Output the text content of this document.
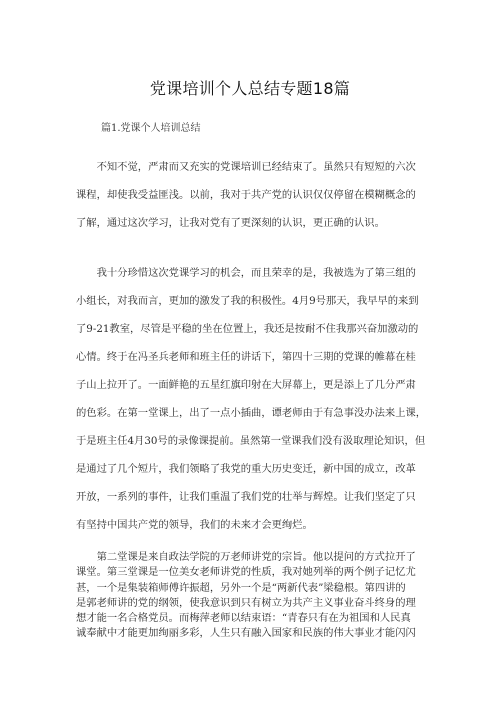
党课培训个人总结专题18篇
篇1.党课个人培训总结
　　不知不觉，严肃而又充实的党课培训已经结束了。虽然只有短短的六次
课程，却使我受益匪浅。以前，我对于共产党的认识仅仅停留在模糊概念的
了解，通过这次学习，让我对党有了更深刻的认识，更正确的认识。
　　我十分珍惜这次党课学习的机会，而且荣幸的是，我被选为了第三组的
小组长，对我而言，更加的激发了我的积极性。4月9号那天，我早早的来到
了9-21教室，尽管是平稳的坐在位置上，我还是按耐不住我那兴奋加激动的
心情。终于在冯圣兵老师和班主任的讲话下，第四十三期的党课的帷幕在桂
子山上拉开了。一面鲜艳的五星红旗印射在大屏幕上，更是添上了几分严肃
的色彩。在第一堂课上，出了一点小插曲，谭老师由于有急事没办法来上课，
于是班主任4月30号的录像课提前。虽然第一堂课我们没有汲取理论知识，但
是通过了几个短片，我们领略了我党的重大历史变迁，新中国的成立，改革
开放，一系列的事件，让我们重温了我们党的壮举与辉煌。让我们坚定了只
有坚持中国共产党的领导，我们的未来才会更绚烂。
　　第二堂课是来自政法学院的万老师讲党的宗旨。他以提问的方式拉开了
课堂。第三堂课是一位美女老师讲党的性质，我对她列举的两个例子记忆尤
甚，一个是集装箱师傅许振超，另外一个是“两新代表”梁稳根。第四讲的
是郭老师讲的党的纲领，使我意识到只有树立为共产主义事业奋斗终身的理
想才能一名合格党员。而梅萍老师以结束语：“青春只有在为祖国和人民真
诚奉献中才能更加绚丽多彩，人生只有融入国家和民族的伟大事业才能闪闪
